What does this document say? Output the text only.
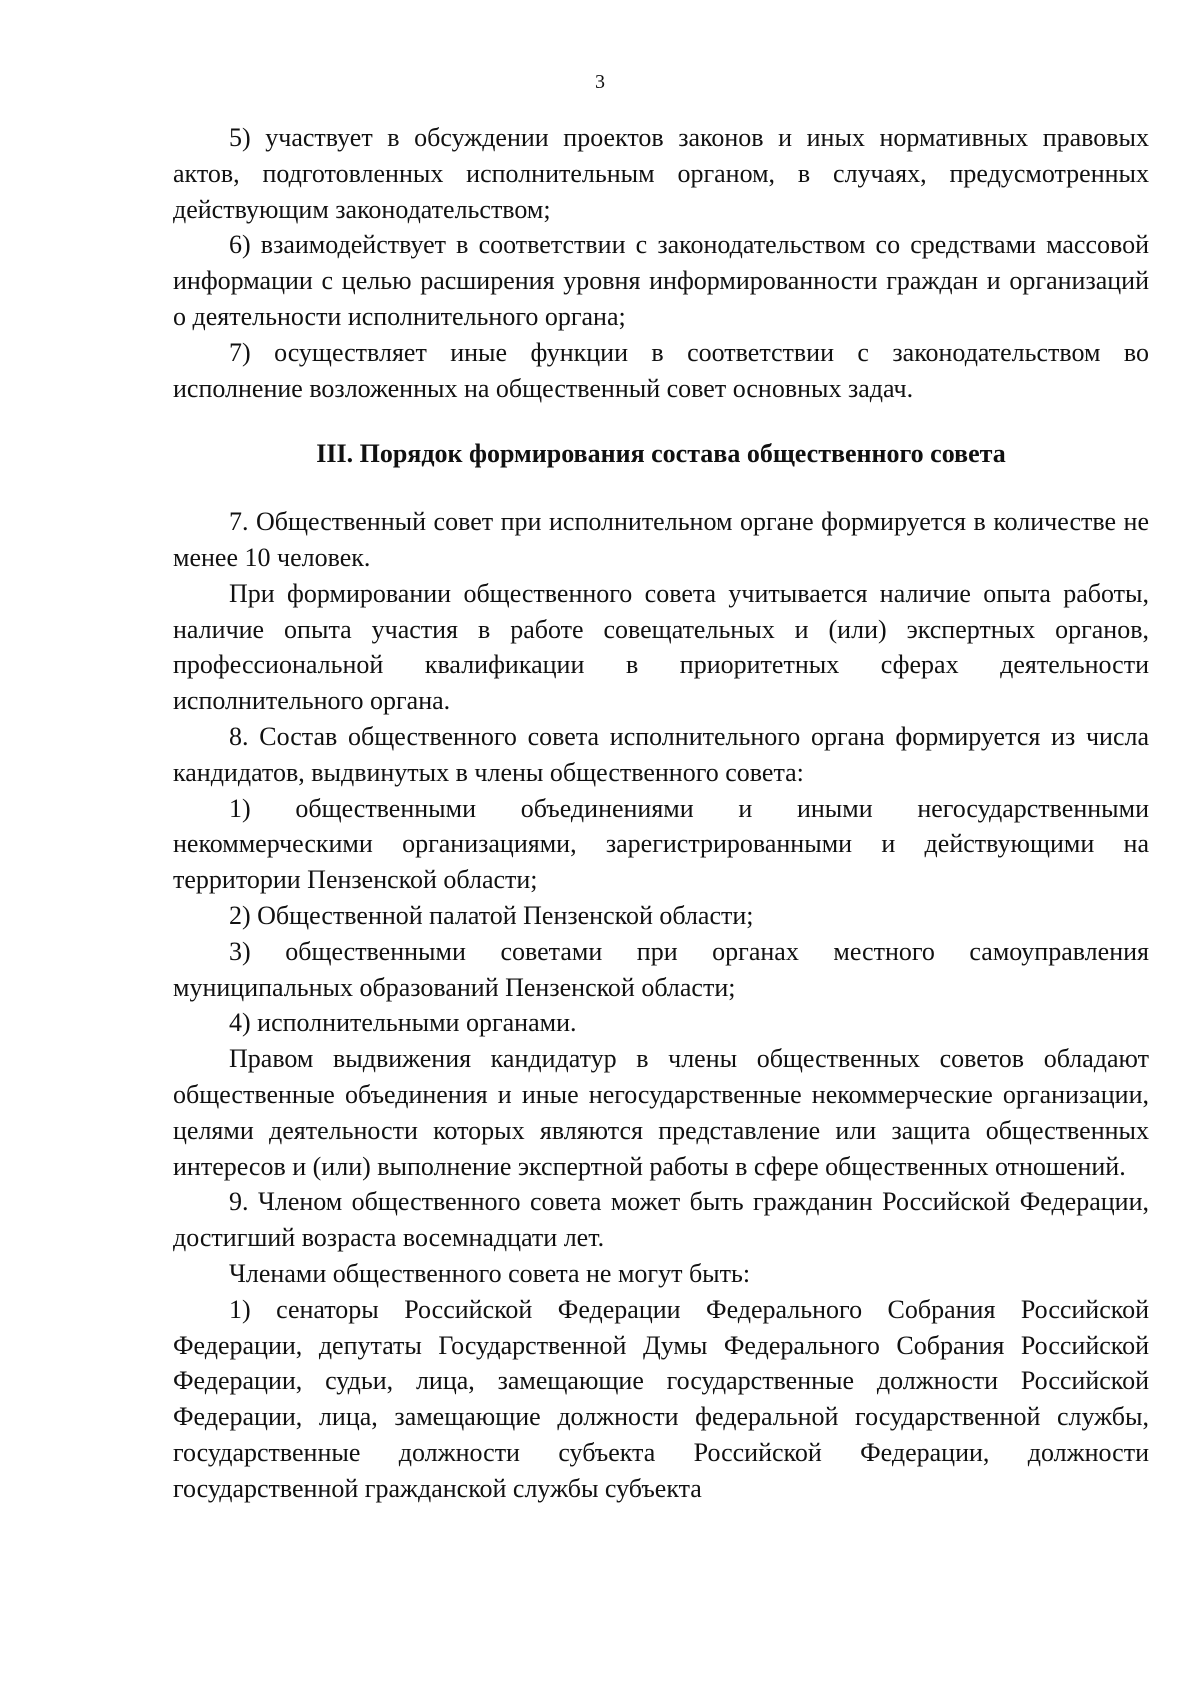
3

5) участвует в обсуждении проектов законов и иных нормативных правовых актов, подготовленных исполнительным органом, в случаях, предусмотренных действующим законодательством;

6) взаимодействует в соответствии с законодательством со средствами массовой информации с целью расширения уровня информированности граждан и организаций о деятельности исполнительного органа;

7) осуществляет иные функции в соответствии с законодательством во исполнение возложенных на общественный совет основных задач.

III. Порядок формирования состава общественного совета

7. Общественный совет при исполнительном органе формируется в количестве не менее 10 человек.

При формировании общественного совета учитывается наличие опыта работы, наличие опыта участия в работе совещательных и (или) экспертных органов, профессиональной квалификации в приоритетных сферах деятельности исполнительного органа.

8. Состав общественного совета исполнительного органа формируется из числа кандидатов, выдвинутых в члены общественного совета:

1) общественными объединениями и иными негосударственными некоммерческими организациями, зарегистрированными и действующими на территории Пензенской области;

2) Общественной палатой Пензенской области;

3) общественными советами при органах местного самоуправления муниципальных образований Пензенской области;

4) исполнительными органами.

Правом выдвижения кандидатур в члены общественных советов обладают общественные объединения и иные негосударственные некоммерческие организации, целями деятельности которых являются представление или защита общественных интересов и (или) выполнение экспертной работы в сфере общественных отношений.

9. Членом общественного совета может быть гражданин Российской Федерации, достигший возраста восемнадцати лет.

Членами общественного совета не могут быть:

1) сенаторы Российской Федерации Федерального Собрания Российской Федерации, депутаты Государственной Думы Федерального Собрания Российской Федерации, судьи, лица, замещающие государственные должности Российской Федерации, лица, замещающие должности федеральной государственной службы, государственные должности субъекта Российской Федерации, должности государственной гражданской службы субъекта
